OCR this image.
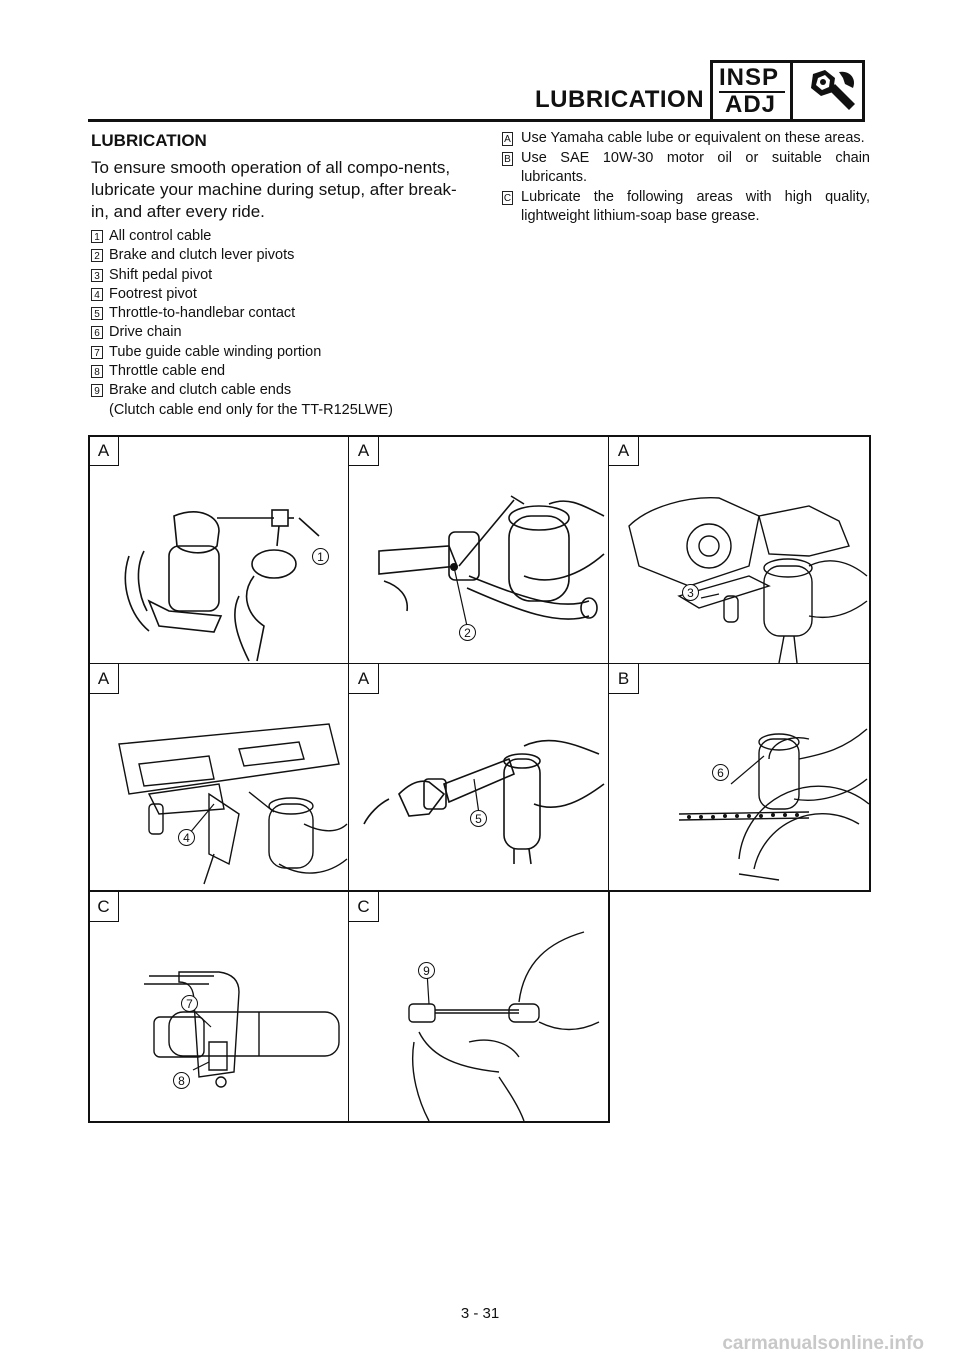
LUBRICATION
INSP
ADJ
LUBRICATION
To ensure smooth operation of all compo-nents, lubricate your machine during setup, after break-in, and after every ride.
1 All control cable
2 Brake and clutch lever pivots
3 Shift pedal pivot
4 Footrest pivot
5 Throttle-to-handlebar contact
6 Drive chain
7 Tube guide cable winding portion
8 Throttle cable end
9 Brake and clutch cable ends
(Clutch cable end only for the TT-R125LWE)
A Use Yamaha cable lube or equivalent on these areas.
B Use SAE 10W-30 motor oil or suitable chain lubricants.
C Lubricate the following areas with high quality, lightweight lithium-soap base grease.
A
1
A
2
A
3
A
4
A
5
B
6
C
7
8
C
9
3 - 31
carmanualsonline.info
